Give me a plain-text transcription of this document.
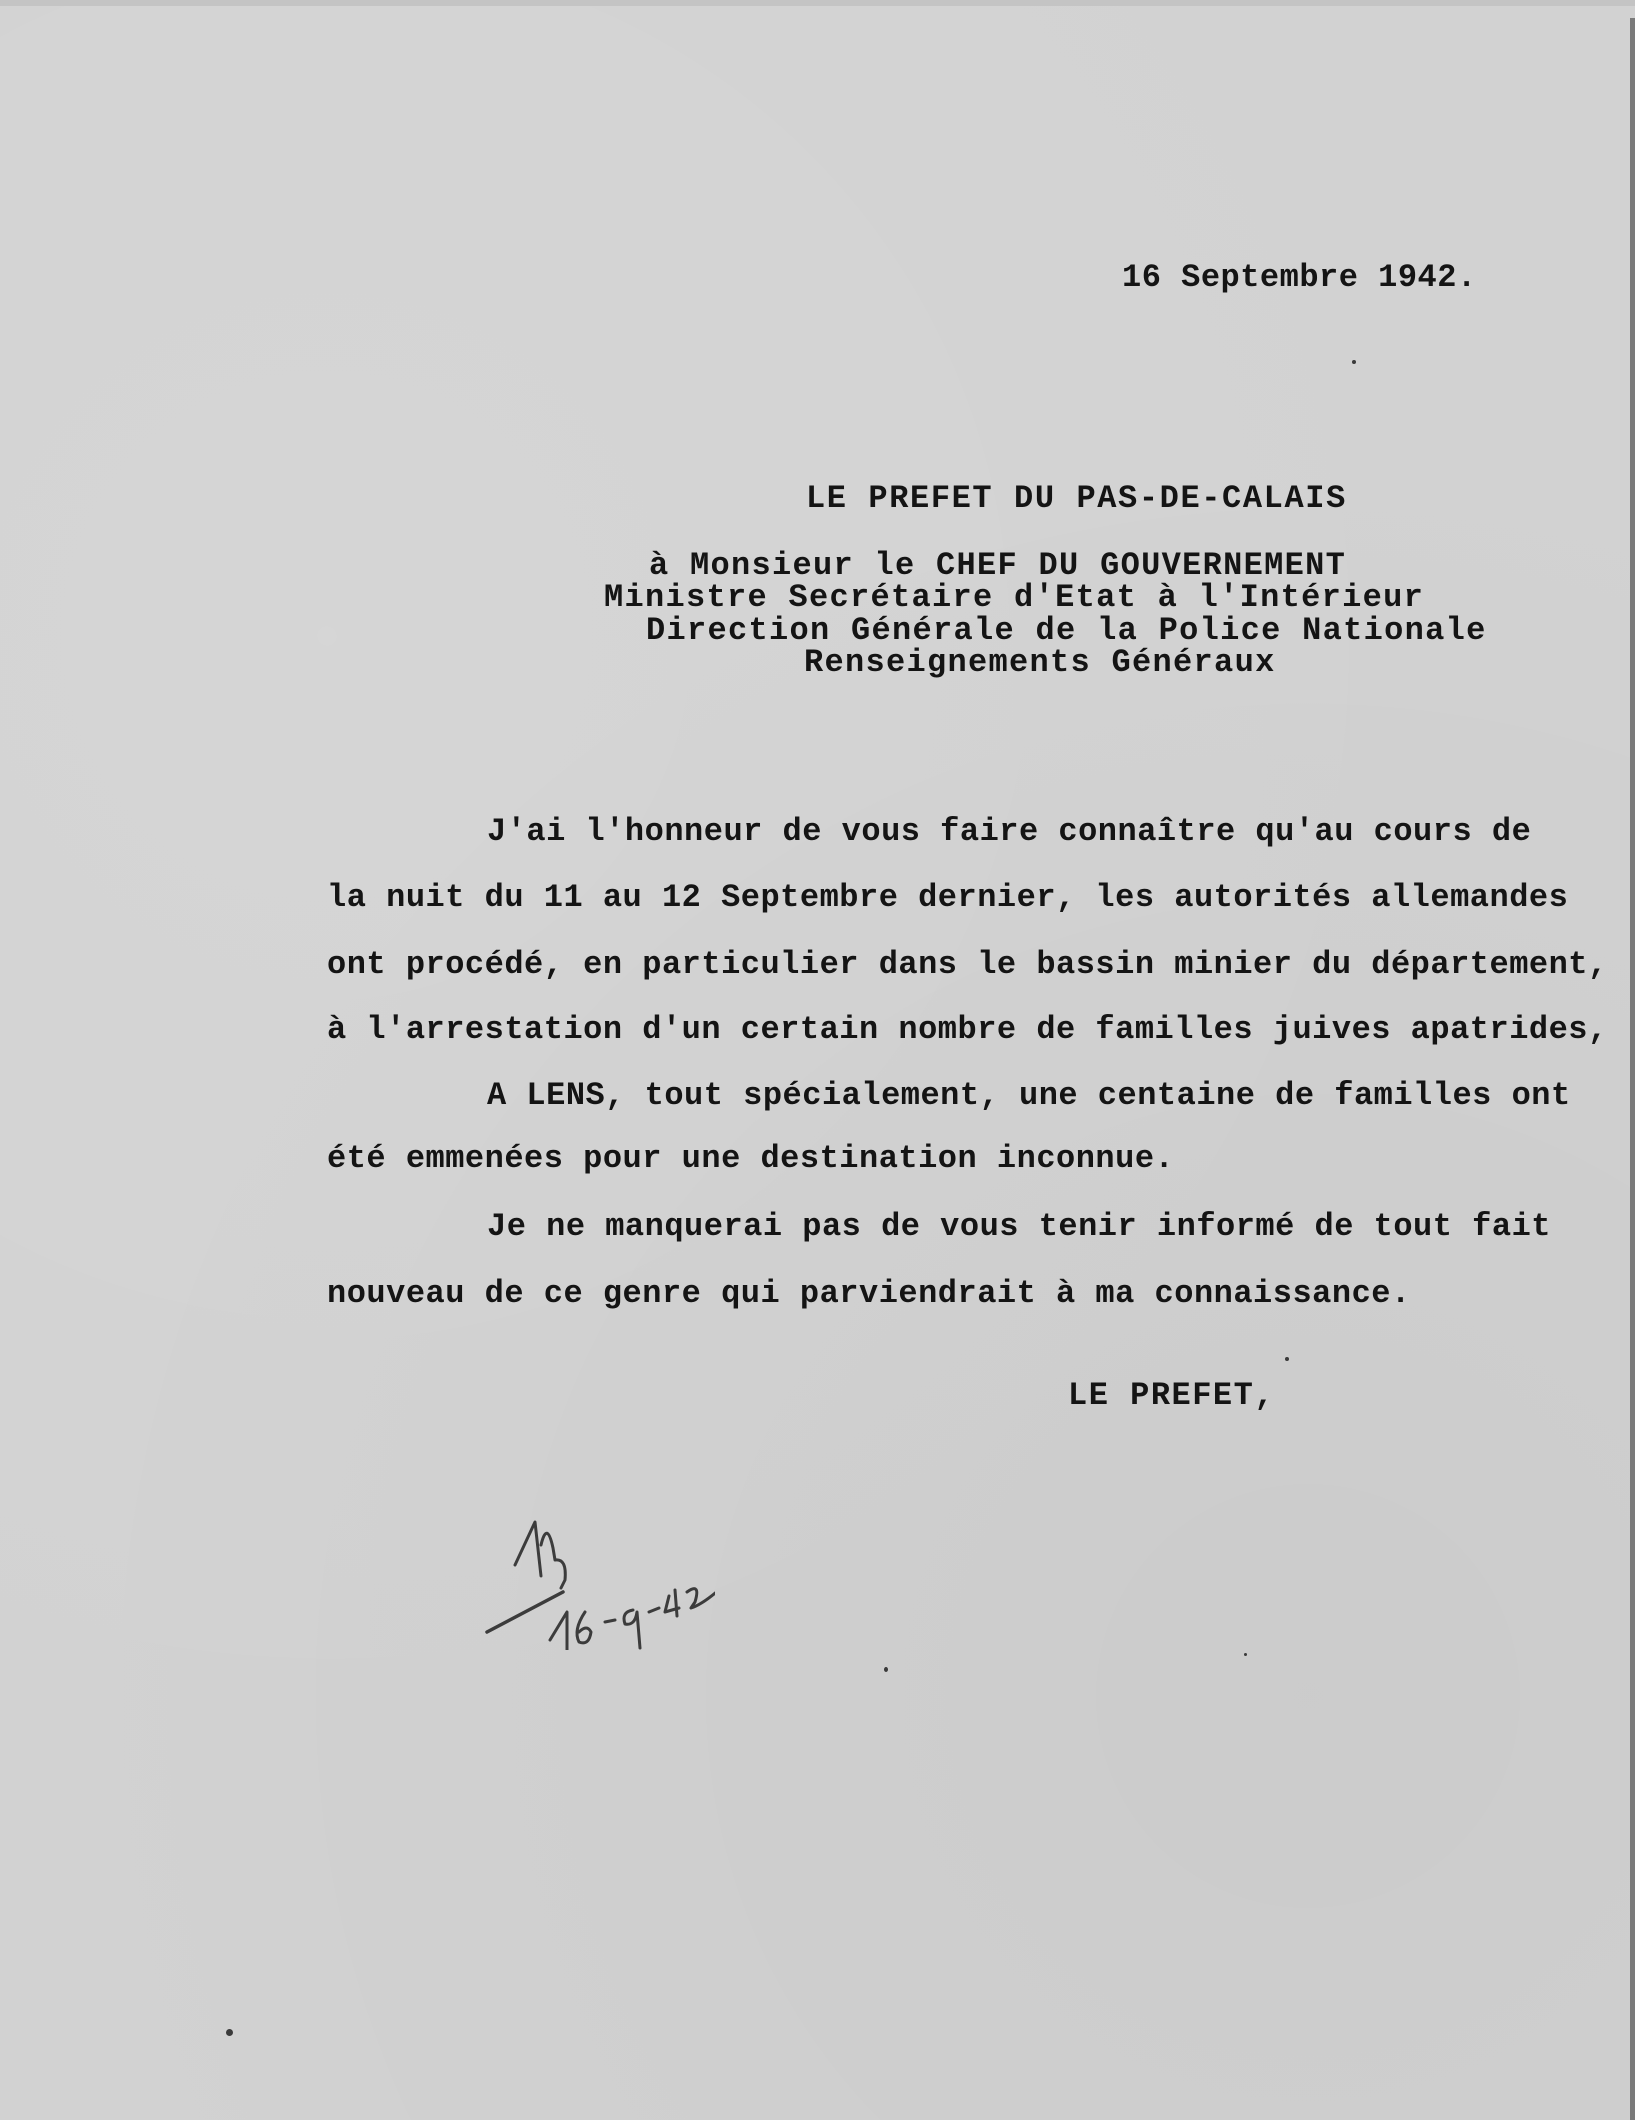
16 Septembre 1942.

LE PREFET DU PAS-DE-CALAIS

à Monsieur le CHEF DU GOUVERNEMENT

Ministre Secrétaire d'Etat à l'Intérieur

Direction Générale de la Police Nationale

Renseignements Généraux

J'ai l'honneur de vous faire connaître qu'au cours de

la nuit du 11 au 12 Septembre dernier, les autorités allemandes

ont procédé, en particulier dans le bassin minier du département,

à l'arrestation d'un certain nombre de familles juives apatrides,

A LENS, tout spécialement, une centaine de familles ont

été emmenées pour une destination inconnue.

Je ne manquerai pas de vous tenir informé de tout fait

nouveau de ce genre qui parviendrait à ma connaissance.

LE PREFET,
